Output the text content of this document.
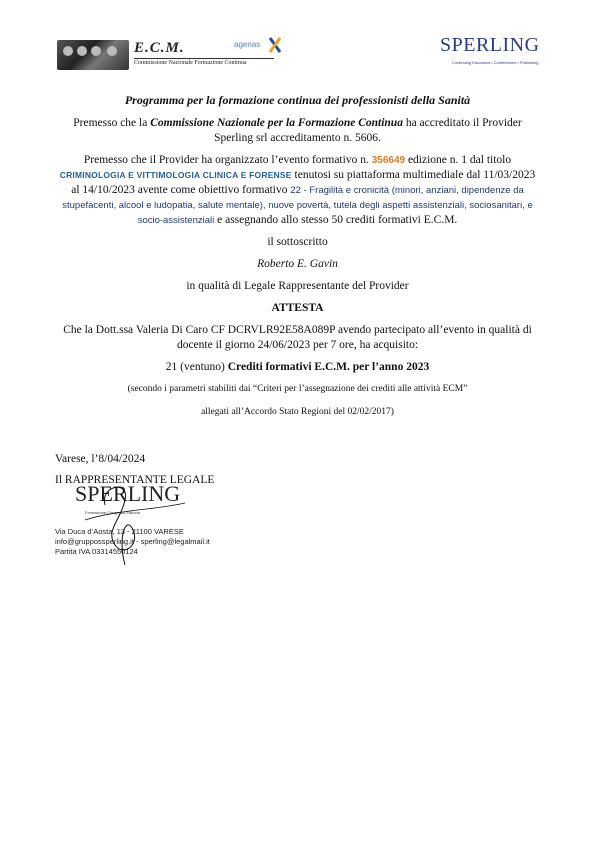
E.C.M.
Commissione Nazionale Formazione Continua
agenas	SPERLING
Continuing Education • Conferences • Publishing
Programma per la formazione continua dei professionisti della Sanità

Premesso che la Commissione Nazionale per la Formazione Continua ha accreditato il Provider Sperling srl accreditamento n. 5606.

Premesso che il Provider ha organizzato l’evento formativo n. 356649 edizione n. 1 dal titolo
CRIMINOLOGIA E VITTIMOLOGIA CLINICA E FORENSE tenutosi su piattaforma multimediale dal 11/03/2023 al 14/10/2023 avente come obiettivo formativo 22 - Fragilità e cronicità (minori, anziani, dipendenze da stupefacenti, alcool e ludopatia, salute mentale), nuove povertà, tutela degli aspetti assistenziali, sociosanitari, e socio-assistenziali e assegnando allo stesso 50 crediti formativi E.C.M.

il sottoscritto

Roberto E. Gavin

in qualità di Legale Rappresentante del Provider

ATTESTA

Che la Dott.ssa Valeria Di Caro CF DCRVLR92E58A089P avendo partecipato all’evento in qualità di docente il giorno 24/06/2023 per 7 ore, ha acquisito:

21 (ventuno) Crediti formativi E.C.M. per l’anno 2023

(secondo i parametri stabiliti dai “Criteri per l’assegnazione dei crediti alle attività ECM”
allegati all’Accordo Stato Regioni del 02/02/2017)
Varese, l’8/04/2024
Il RAPPRESENTANTE LEGALE
SPERLING
Formazione Congressi Editoria
Via Duca d’Aosta, 13 - 21100 VARESE
info@gruppossperling.it - sperling@legalmail.it
Partita IVA 03314550124
